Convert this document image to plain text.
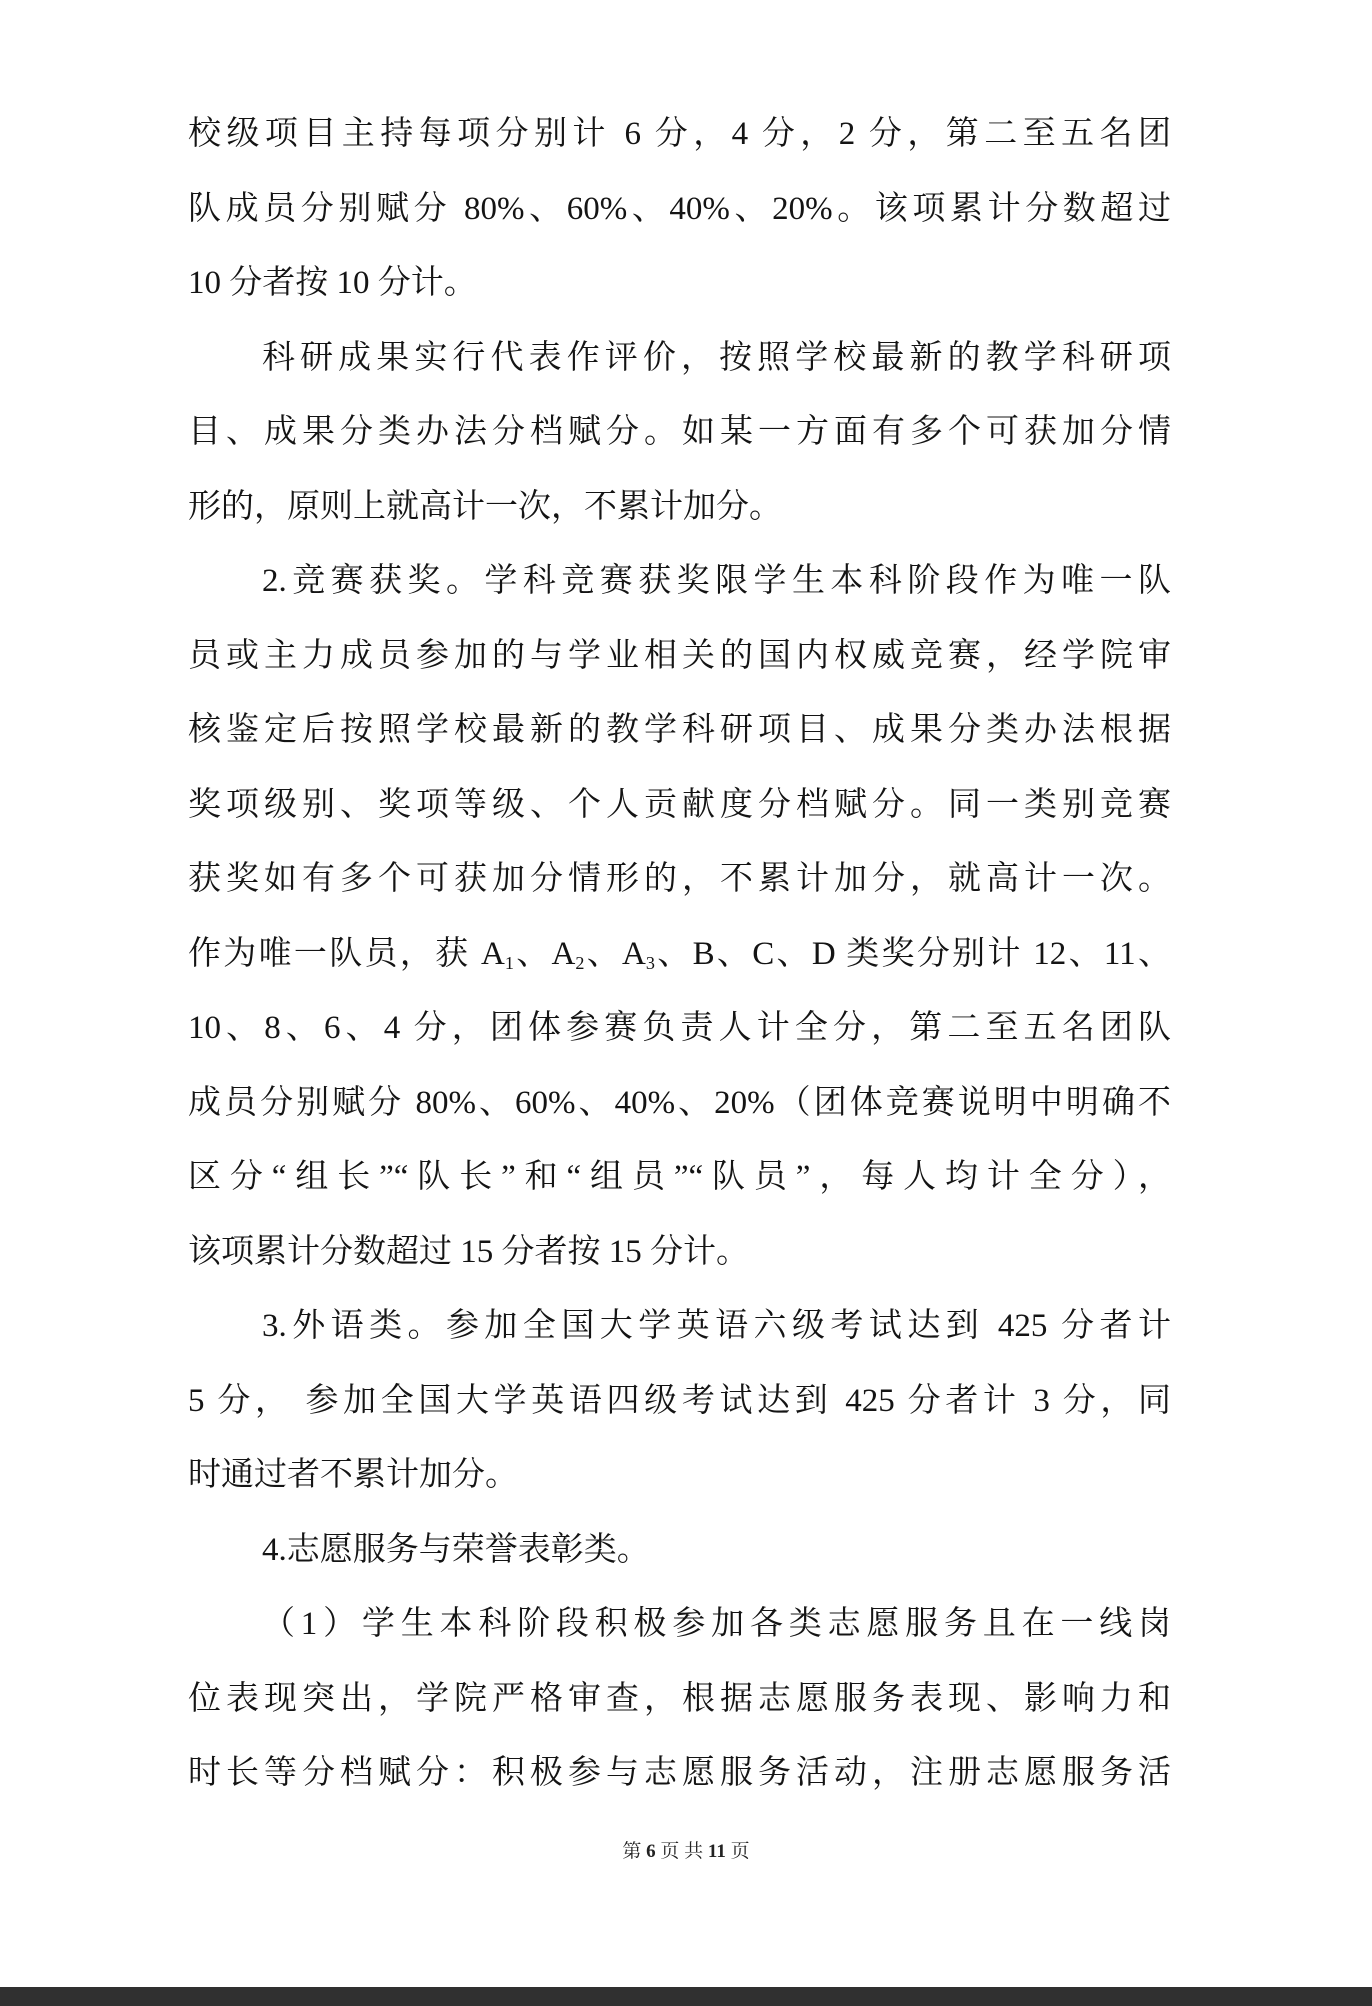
校级项目主持每项分别计 6 分，4 分，2 分，第二至五名团
队成员分别赋分 80%、60%、40%、20%。该项累计分数超过
10 分者按 10 分计。
科研成果实行代表作评价，按照学校最新的教学科研项
目、成果分类办法分档赋分。如某一方面有多个可获加分情
形的，原则上就高计一次，不累计加分。
2.竞赛获奖。学科竞赛获奖限学生本科阶段作为唯一队
员或主力成员参加的与学业相关的国内权威竞赛，经学院审
核鉴定后按照学校最新的教学科研项目、成果分类办法根据
奖项级别、奖项等级、个人贡献度分档赋分。同一类别竞赛
获奖如有多个可获加分情形的，不累计加分，就高计一次。
作为唯一队员，获 $A_1$、$A_2$、$A_3$、B、C、D 类奖分别计 12、11、
10、8、6、4 分，团体参赛负责人计全分，第二至五名团队
成员分别赋分 80%、60%、40%、20%（团体竞赛说明中明确不
区分“组长”“队长”和“组员”“队员”，每人均计全分），
该项累计分数超过 15 分者按 15 分计。
3.外语类。参加全国大学英语六级考试达到 425 分者计
5 分， 参加全国大学英语四级考试达到 425 分者计 3 分，同
时通过者不累计加分。
4.志愿服务与荣誉表彰类。
（1）学生本科阶段积极参加各类志愿服务且在一线岗
位表现突出，学院严格审查，根据志愿服务表现、影响力和
时长等分档赋分：积极参与志愿服务活动，注册志愿服务活
第 6 页 共 11 页
